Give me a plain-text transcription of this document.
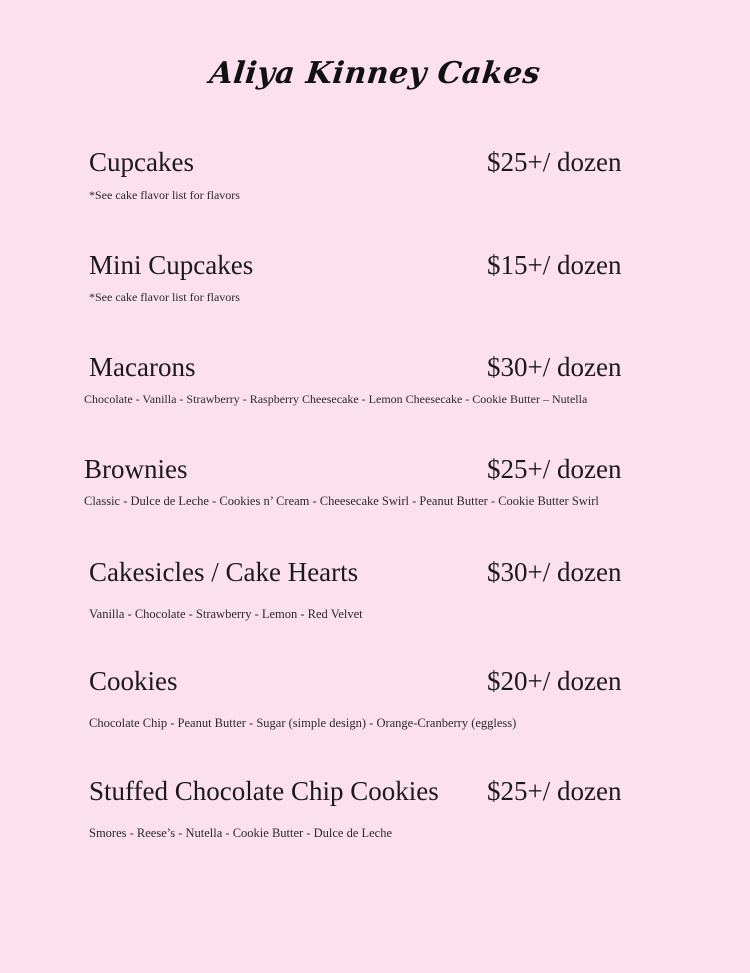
Aliya Kinney Cakes
Cupcakes	$25+/ dozen
*See cake flavor list for flavors
Mini Cupcakes	$15+/ dozen
*See cake flavor list for flavors
Macarons	$30+/ dozen
Chocolate - Vanilla - Strawberry - Raspberry Cheesecake - Lemon Cheesecake - Cookie Butter – Nutella
Brownies	$25+/ dozen
Classic - Dulce de Leche - Cookies n’ Cream - Cheesecake Swirl - Peanut Butter - Cookie Butter Swirl
Cakesicles / Cake Hearts	$30+/ dozen
Vanilla - Chocolate - Strawberry - Lemon - Red Velvet
Cookies	$20+/ dozen
Chocolate Chip - Peanut Butter - Sugar (simple design) - Orange-Cranberry (eggless)
Stuffed Chocolate Chip Cookies $25+/ dozen
Smores - Reese’s - Nutella - Cookie Butter - Dulce de Leche
